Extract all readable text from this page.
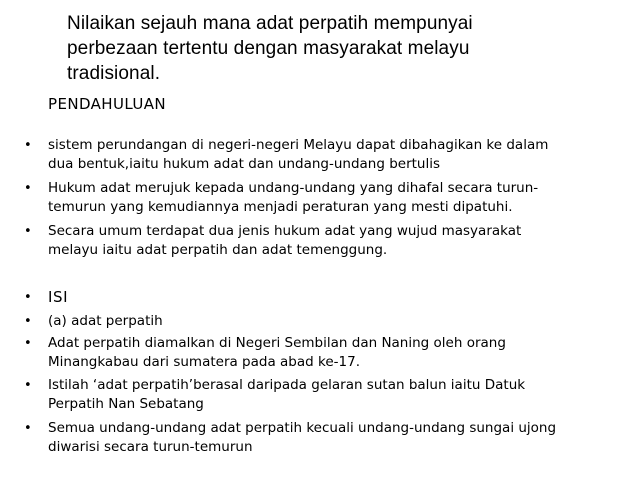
Nilaikan sejauh mana adat perpatih mempunyai
perbezaan tertentu dengan masyarakat melayu
tradisional.
PENDAHULUAN
• sistem perundangan di negeri-negeri Melayu dapat dibahagikan ke dalam
dua bentuk,iaitu hukum adat dan undang-undang bertulis
• Hukum adat merujuk kepada undang-undang yang dihafal secara turun-
temurun yang kemudiannya menjadi peraturan yang mesti dipatuhi.
• Secara umum terdapat dua jenis hukum adat yang wujud masyarakat
melayu iaitu adat perpatih dan adat temenggung.
• ISI
• (a) adat perpatih
• Adat perpatih diamalkan di Negeri Sembilan dan Naning oleh orang
Minangkabau dari sumatera pada abad ke-17.
• Istilah ‘adat perpatih’berasal daripada gelaran sutan balun iaitu Datuk
Perpatih Nan Sebatang
• Semua undang-undang adat perpatih kecuali undang-undang sungai ujong
diwarisi secara turun-temurun
